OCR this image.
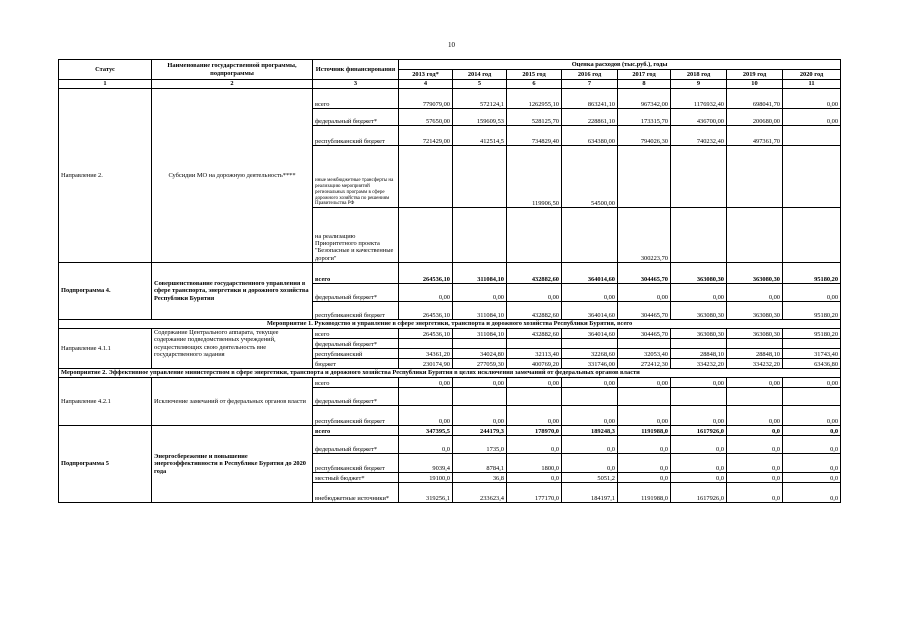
10
Статус	Наименование государственной программы, подпрограммы	Источник финансирования	Оценка расходов (тыс.руб.), годы							
			2013 год*	2014 год	2015 год	2016 год	2017 год	2018 год	2019 год	2020 год
1	2	3	4	5	6	7	8	9	10	11
Направление 2.	Субсидии МО на дорожную деятельность****	всего	779079,00	572124,1	1262955,10	863241,10	967342,00	1176932,40	698041,70	0,00
		федеральный бюджет*	57650,00	159609,53	528125,70	228861,10	173315,70	436700,00	200680,00	0,00
		республиканский бюджет	721429,00	412514,5	734829,40	634380,00	794026,30	740232,40	497361,70	
		иные межбюджетные трансферты на реализацию мероприятий региональных программ в сфере дорожного хозяйства по решениям Правительства РФ			119906,50	54500,00				
		на реализацию Приоритетного проекта "Безопасные и качественные дороги"					300223,70			
Подпрограмма 4.	Совершенствование государственного управления в сфере транспорта, энергетики и дорожного хозяйства Республики Бурятия	всего	264536,10	311084,10	432882,60	364014,60	304465,70	363080,30	363080,30	95180,20
		федеральный бюджет*	0,00	0,00	0,00	0,00	0,00	0,00	0,00	0,00
		республиканский бюджет	264536,10	311084,10	432882,60	364014,60	304465,70	363080,30	363080,30	95180,20
Мероприятие 1. Руководство и управление в сфере энергетики, транспорта и дорожного хозяйства Республики Бурятия, всего										
Направление 4.1.1	Содержание Центрального аппарата, текущее содержание подведомственных учреждений, осуществляющих свою деятельность вне государственного задания	всего	264536,10	311084,10	432882,60	364014,60	304465,70	363080,30	363080,30	95180,20
		федеральный бюджет*								
		республиканский	34361,20	34024,80	32113,40	32268,60	32053,40	28848,10	28848,10	31743,40
		бюджет	230174,90	277059,30	400769,20	331746,00	272412,30	334232,20	334232,20	63436,80
Мероприятие 2. Эффективное управление министерством в сфере энергетики, транспорта и дорожного хозяйства Республики Бурятия в целях исключения замечаний от федеральных органов власти										
Направление 4.2.1	Исключение замечаний от федеральных органов власти	всего	0,00	0,00	0,00	0,00	0,00	0,00	0,00	0,00
		федеральный бюджет*								
		республиканский бюджет	0,00	0,00	0,00	0,00	0,00	0,00	0,00	0,00
Подпрограмма 5	Энергосбережение и повышение энергоэффективности в Республике Бурятия до 2020 года	всего	347395,5	244179,3	178970,0	189248,3	1191988,0	1617926,0	0,0	0,0
		федеральный бюджет*	0,0	1735,0	0,0	0,0	0,0	0,0	0,0	0,0
		республиканский бюджет	9039,4	8784,1	1800,0	0,0	0,0	0,0	0,0	0,0
		местный бюджет*	19100,0	36,8	0,0	5051,2	0,0	0,0	0,0	0,0
		внебюджетные источники*	319256,1	233623,4	177170,0	184197,1	1191988,0	1617926,0	0,0	0,0
